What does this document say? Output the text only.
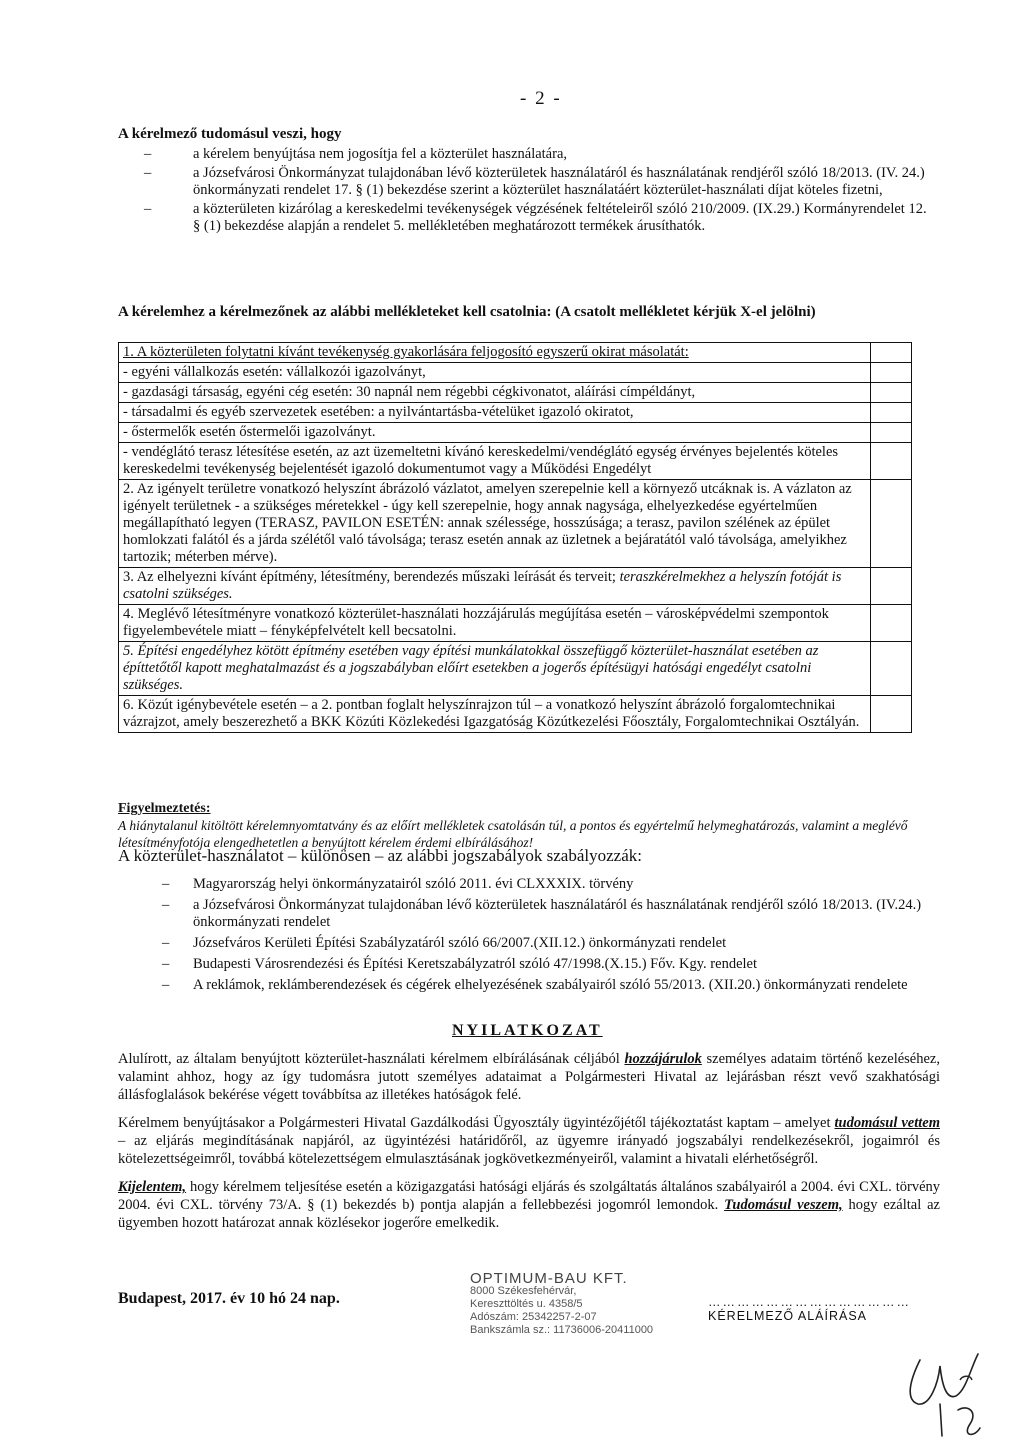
- 2 -
A kérelmező tudomásul veszi, hogy
– a kérelem benyújtása nem jogosítja fel a közterület használatára,
– a Józsefvárosi Önkormányzat tulajdonában lévő közterületek használatáról és használatának rendjéről szóló 18/2013. (IV. 24.) önkormányzati rendelet 17. § (1) bekezdése szerint a közterület használatáért közterület-használati díjat köteles fizetni,
– a közterületen kizárólag a kereskedelmi tevékenységek végzésének feltételeiről szóló 210/2009. (IX.29.) Kormányrendelet 12. § (1) bekezdése alapján a rendelet 5. mellékletében meghatározott termékek árusíthatók.
A kérelemhez a kérelmezőnek az alábbi mellékleteket kell csatolnia: (A csatolt mellékletet kérjük X-el jelölni)
1. A közterületen folytatni kívánt tevékenység gyakorlására feljogosító egyszerű okirat másolatát:	
- egyéni vállalkozás esetén: vállalkozói igazolványt,	
- gazdasági társaság, egyéni cég esetén: 30 napnál nem régebbi cégkivonatot, aláírási címpéldányt,	
- társadalmi és egyéb szervezetek esetében: a nyilvántartásba-vételüket igazoló okiratot,	
- őstermelők esetén őstermelői igazolványt.	
- vendéglátó terasz létesítése esetén, az azt üzemeltetni kívánó kereskedelmi/vendéglátó egység érvényes bejelentés köteles kereskedelmi tevékenység bejelentését igazoló dokumentumot vagy a Működési Engedélyt	
2. Az igényelt területre vonatkozó helyszínt ábrázoló vázlatot, amelyen szerepelnie kell a környező utcáknak is. A vázlaton az igényelt területnek - a szükséges méretekkel - úgy kell szerepelnie, hogy annak nagysága, elhelyezkedése egyértelműen megállapítható legyen (TERASZ, PAVILON ESETÉN: annak szélessége, hosszúsága; a terasz, pavilon szélének az épület homlokzati falától és a járda szélétől való távolsága; terasz esetén annak az üzletnek a bejáratától való távolsága, amelyikhez tartozik; méterben mérve).	
3. Az elhelyezni kívánt építmény, létesítmény, berendezés műszaki leírását és terveit; teraszkérelmekhez a helyszín fotóját is csatolni szükséges.	
4. Meglévő létesítményre vonatkozó közterület-használati hozzájárulás megújítása esetén – városképvédelmi szempontok figyelembevétele miatt – fényképfelvételt kell becsatolni.	
5. Építési engedélyhez kötött építmény esetében vagy építési munkálatokkal összefüggő közterület-használat esetében az építtetőtől kapott meghatalmazást és a jogszabályban előírt esetekben a jogerős építésügyi hatósági engedélyt csatolni szükséges.	
6. Közút igénybevétele esetén – a 2. pontban foglalt helyszínrajzon túl – a vonatkozó helyszínt ábrázoló forgalomtechnikai vázrajzot, amely beszerezhető a BKK Közúti Közlekedési Igazgatóság Közútkezelési Főosztály, Forgalomtechnikai Osztályán.	
Figyelmeztetés:
A hiánytalanul kitöltött kérelemnyomtatvány és az előírt mellékletek csatolásán túl, a pontos és egyértelmű helymeghatározás, valamint a meglévő létesítményfotója elengedhetetlen a benyújtott kérelem érdemi elbírálásához!
A közterület-használatot – különösen – az alábbi jogszabályok szabályozzák:
– Magyarország helyi önkormányzatairól szóló 2011. évi CLXXXIX. törvény
– a Józsefvárosi Önkormányzat tulajdonában lévő közterületek használatáról és használatának rendjéről szóló 18/2013. (IV.24.) önkormányzati rendelet
– Józsefváros Kerületi Építési Szabályzatáról szóló 66/2007.(XII.12.) önkormányzati rendelet
– Budapesti Városrendezési és Építési Keretszabályzatról szóló 47/1998.(X.15.) Főv. Kgy. rendelet
– A reklámok, reklámberendezések és cégérek elhelyezésének szabályairól szóló 55/2013. (XII.20.) önkormányzati rendelete
NYILATKOZAT

Alulírott, az általam benyújtott közterület-használati kérelmem elbírálásának céljából hozzájárulok személyes adataim történő kezeléséhez, valamint ahhoz, hogy az így tudomásra jutott személyes adataimat a Polgármesteri Hivatal az lejárásban részt vevő szakhatósági állásfoglalások bekérése végett továbbítsa az illetékes hatóságok felé.

Kérelmem benyújtásakor a Polgármesteri Hivatal Gazdálkodási Ügyosztály ügyintézőjétől tájékoztatást kaptam – amelyet tudomásul vettem – az eljárás megindításának napjáról, az ügyintézési határidőről, az ügyemre irányadó jogszabályi rendelkezésekről, jogaimról és kötelezettségeimről, továbbá kötelezettségem elmulasztásának jogkövetkezményeiről, valamint a hivatali elérhetőségről.

Kijelentem, hogy kérelmem teljesítése esetén a közigazgatási hatósági eljárás és szolgáltatás általános szabályairól a 2004. évi CXL. törvény 2004. évi CXL. törvény 73/A. § (1) bekezdés b) pontja alapján a fellebbezési jogomról lemondok. Tudomásul veszem, hogy ezáltal az ügyemben hozott határozat annak közlésekor jogerőre emelkedik.

Budapest, 2017. év 10 hó 24 nap.
OPTIMUM-BAU KFT.
8000 Székesfehérvár,
Kereszttöltés u. 4358/5
Adószám: 25342257-2-07
Bankszámla sz.: 11736006-20411000
……………………………………
KÉRELMEZŐ ALÁÍRÁSA
